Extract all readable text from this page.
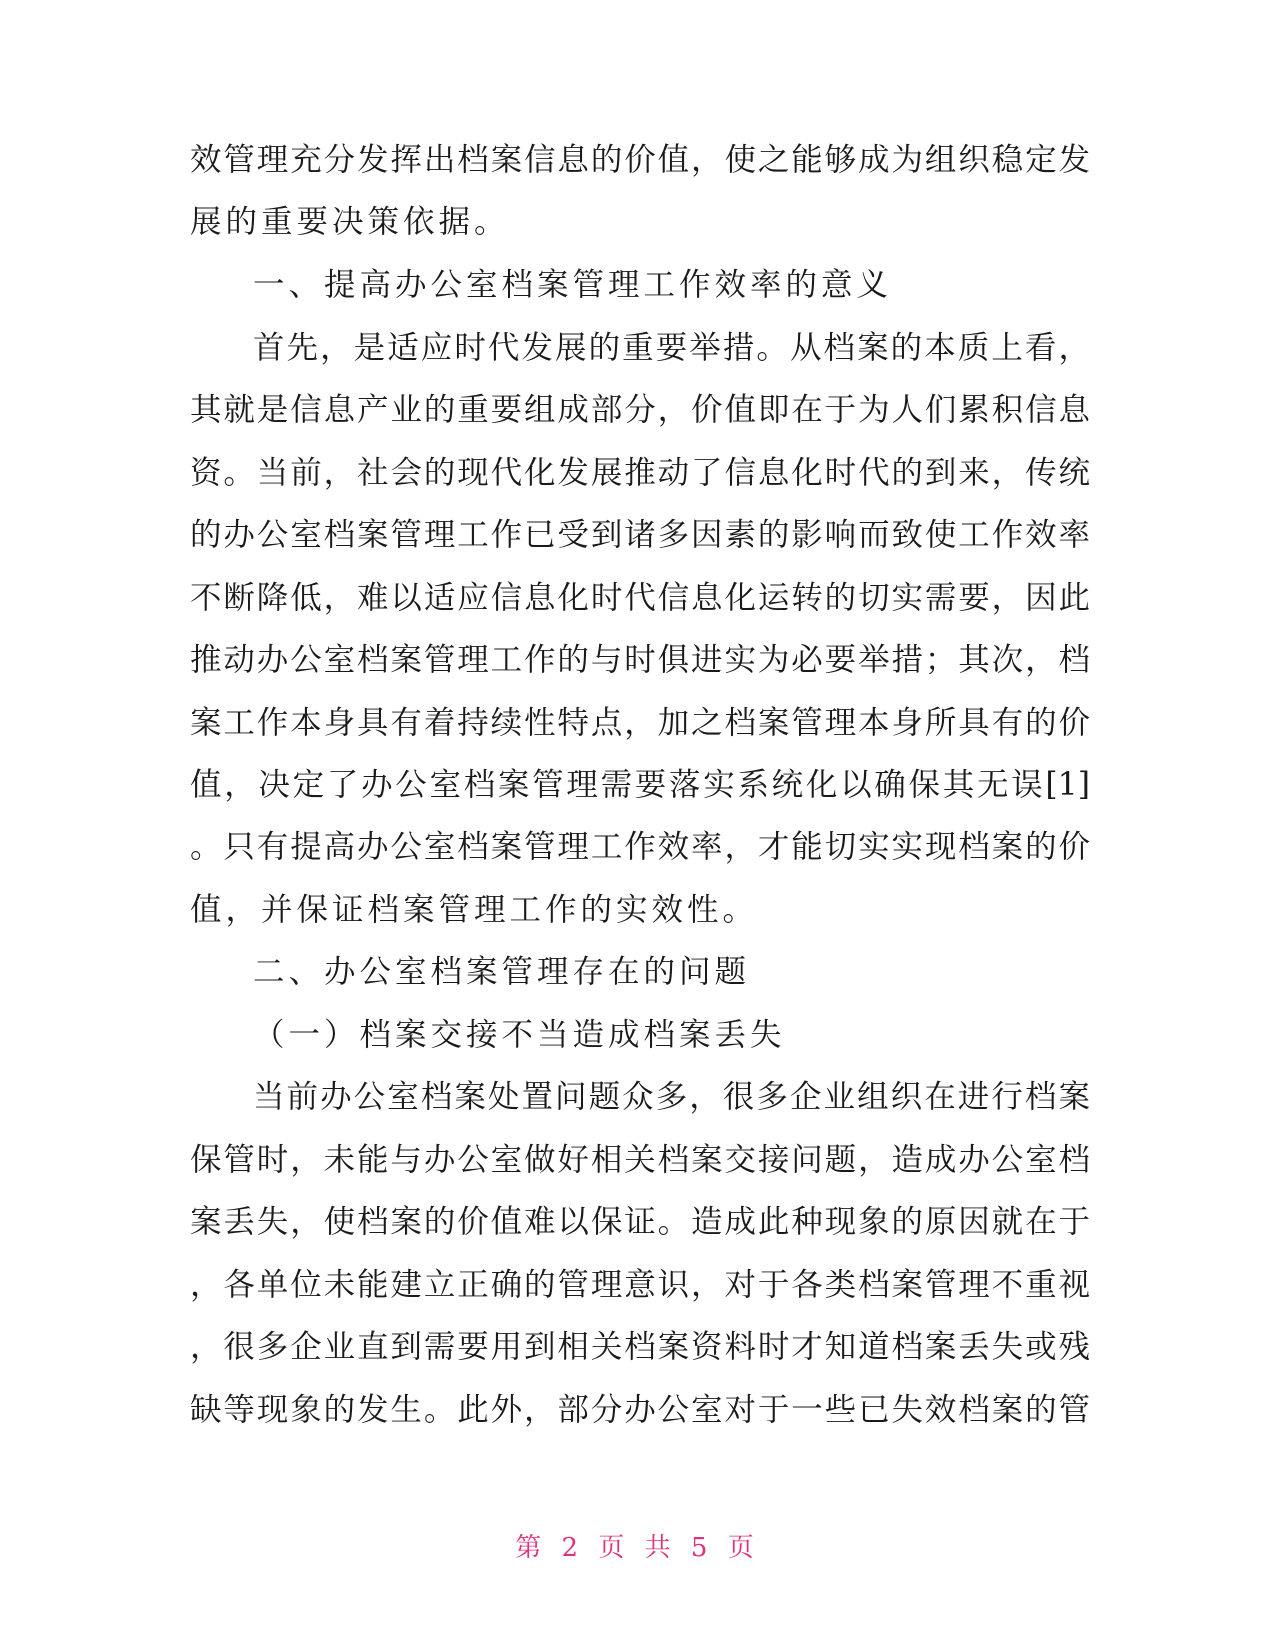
效管理充分发挥出档案信息的价值，使之能够成为组织稳定发
展的重要决策依据。
一、提高办公室档案管理工作效率的意义
首先，是适应时代发展的重要举措。从档案的本质上看，
其就是信息产业的重要组成部分，价值即在于为人们累积信息
资。当前，社会的现代化发展推动了信息化时代的到来，传统
的办公室档案管理工作已受到诸多因素的影响而致使工作效率
不断降低，难以适应信息化时代信息化运转的切实需要，因此
推动办公室档案管理工作的与时俱进实为必要举措；其次，档
案工作本身具有着持续性特点，加之档案管理本身所具有的价
值，决定了办公室档案管理需要落实系统化以确保其无误[1]
。只有提高办公室档案管理工作效率，才能切实实现档案的价
值，并保证档案管理工作的实效性。
二、办公室档案管理存在的问题
（一）档案交接不当造成档案丢失
当前办公室档案处置问题众多，很多企业组织在进行档案
保管时，未能与办公室做好相关档案交接问题，造成办公室档
案丢失，使档案的价值难以保证。造成此种现象的原因就在于
，各单位未能建立正确的管理意识，对于各类档案管理不重视
，很多企业直到需要用到相关档案资料时才知道档案丢失或残
缺等现象的发生。此外，部分办公室对于一些已失效档案的管
第 2 页 共 5 页
